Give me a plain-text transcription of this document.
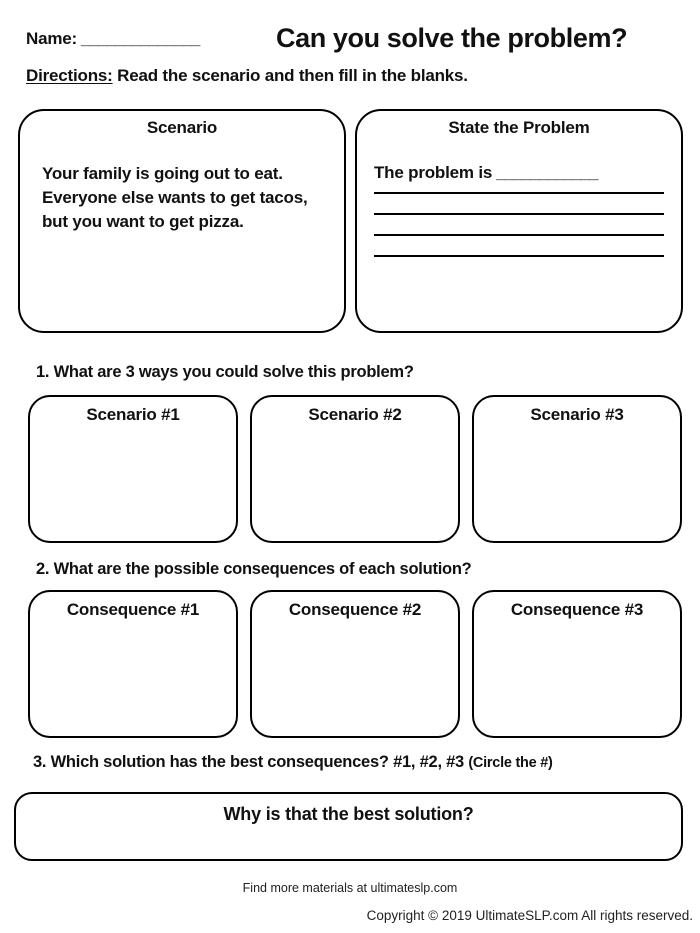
Name: ______________	Can you solve the problem?
Directions: Read the scenario and then fill in the blanks.
Scenario
Your family is going out to eat. Everyone else wants to get tacos, but you want to get pizza.
State the Problem
The problem is ____________
1. What are 3 ways you could solve this problem?
Scenario #1	Scenario #2	Scenario #3
2. What are the possible consequences of each solution?
Consequence #1	Consequence #2	Consequence #3
3. Which solution has the best consequences? #1, #2, #3 (Circle the #)
Why is that the best solution?
Find more materials at ultimateslp.com
Copyright © 2019 UltimateSLP.com All rights reserved.
